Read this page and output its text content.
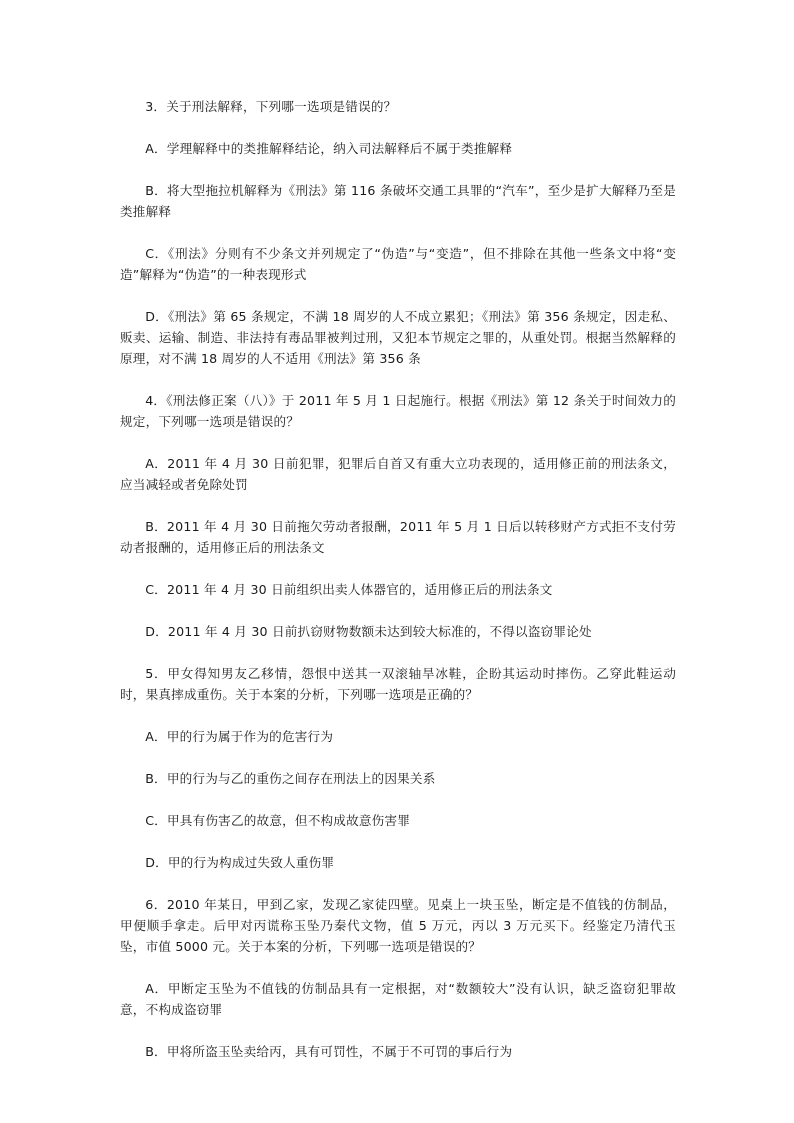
3．关于刑法解释，下列哪一选项是错误的？

A．学理解释中的类推解释结论，纳入司法解释后不属于类推解释

B．将大型拖拉机解释为《刑法》第 116 条破坏交通工具罪的“汽车”，至少是扩大解释乃至是类推解释

C．《刑法》分则有不少条文并列规定了“伪造”与“变造”，但不排除在其他一些条文中将“变造”解释为“伪造”的一种表现形式

D．《刑法》第 65 条规定，不满 18 周岁的人不成立累犯；《刑法》第 356 条规定，因走私、贩卖、运输、制造、非法持有毒品罪被判过刑，又犯本节规定之罪的，从重处罚。根据当然解释的原理，对不满 18 周岁的人不适用《刑法》第 356 条

4．《刑法修正案（八）》于 2011 年 5 月 1 日起施行。根据《刑法》第 12 条关于时间效力的规定，下列哪一选项是错误的？

A．2011 年 4 月 30 日前犯罪，犯罪后自首又有重大立功表现的，适用修正前的刑法条文，应当减轻或者免除处罚

B．2011 年 4 月 30 日前拖欠劳动者报酬，2011 年 5 月 1 日后以转移财产方式拒不支付劳动者报酬的，适用修正后的刑法条文

C．2011 年 4 月 30 日前组织出卖人体器官的，适用修正后的刑法条文

D．2011 年 4 月 30 日前扒窃财物数额未达到较大标准的，不得以盗窃罪论处

5．甲女得知男友乙移情，怨恨中送其一双滚轴旱冰鞋，企盼其运动时摔伤。乙穿此鞋运动时，果真摔成重伤。关于本案的分析，下列哪一选项是正确的？

A．甲的行为属于作为的危害行为

B．甲的行为与乙的重伤之间存在刑法上的因果关系

C．甲具有伤害乙的故意，但不构成故意伤害罪

D．甲的行为构成过失致人重伤罪

6．2010 年某日，甲到乙家，发现乙家徒四壁。见桌上一块玉坠，断定是不值钱的仿制品，甲便顺手拿走。后甲对丙谎称玉坠乃秦代文物，值 5 万元，丙以 3 万元买下。经鉴定乃清代玉坠，市值 5000 元。关于本案的分析，下列哪一选项是错误的？

A．甲断定玉坠为不值钱的仿制品具有一定根据，对“数额较大”没有认识，缺乏盗窃犯罪故意，不构成盗窃罪

B．甲将所盗玉坠卖给丙，具有可罚性，不属于不可罚的事后行为
